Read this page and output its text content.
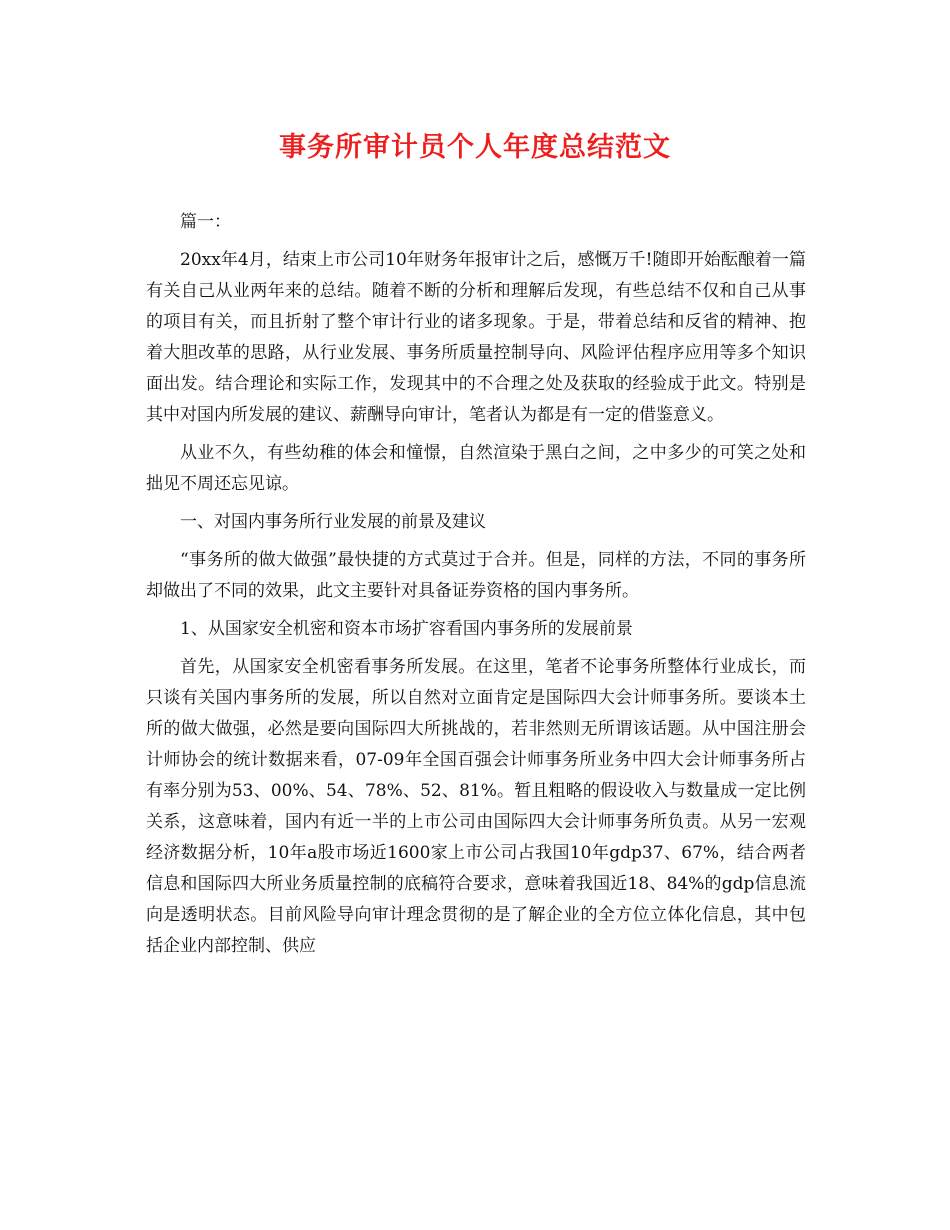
事务所审计员个人年度总结范文

篇一：

20xx年4月，结束上市公司10年财务年报审计之后，感慨万千!随即开始酝酿着一篇有关自己从业两年来的总结。随着不断的分析和理解后发现，有些总结不仅和自己从事的项目有关，而且折射了整个审计行业的诸多现象。于是，带着总结和反省的精神、抱着大胆改革的思路，从行业发展、事务所质量控制导向、风险评估程序应用等多个知识面出发。结合理论和实际工作，发现其中的不合理之处及获取的经验成于此文。特别是其中对国内所发展的建议、薪酬导向审计，笔者认为都是有一定的借鉴意义。

从业不久，有些幼稚的体会和憧憬，自然渲染于黑白之间，之中多少的可笑之处和拙见不周还忘见谅。

一、对国内事务所行业发展的前景及建议

“事务所的做大做强”最快捷的方式莫过于合并。但是，同样的方法，不同的事务所却做出了不同的效果，此文主要针对具备证券资格的国内事务所。

1、从国家安全机密和资本市场扩容看国内事务所的发展前景

首先，从国家安全机密看事务所发展。在这里，笔者不论事务所整体行业成长，而只谈有关国内事务所的发展，所以自然对立面肯定是国际四大会计师事务所。要谈本土所的做大做强，必然是要向国际四大所挑战的，若非然则无所谓该话题。从中国注册会计师协会的统计数据来看，07-09年全国百强会计师事务所业务中四大会计师事务所占有率分别为53、00%、54、78%、52、81%。暂且粗略的假设收入与数量成一定比例关系，这意味着，国内有近一半的上市公司由国际四大会计师事务所负责。从另一宏观经济数据分析，10年a股市场近1600家上市公司占我国10年gdp37、67%，结合两者信息和国际四大所业务质量控制的底稿符合要求，意味着我国近18、84%的gdp信息流向是透明状态。目前风险导向审计理念贯彻的是了解企业的全方位立体化信息，其中包括企业内部控制、供应
